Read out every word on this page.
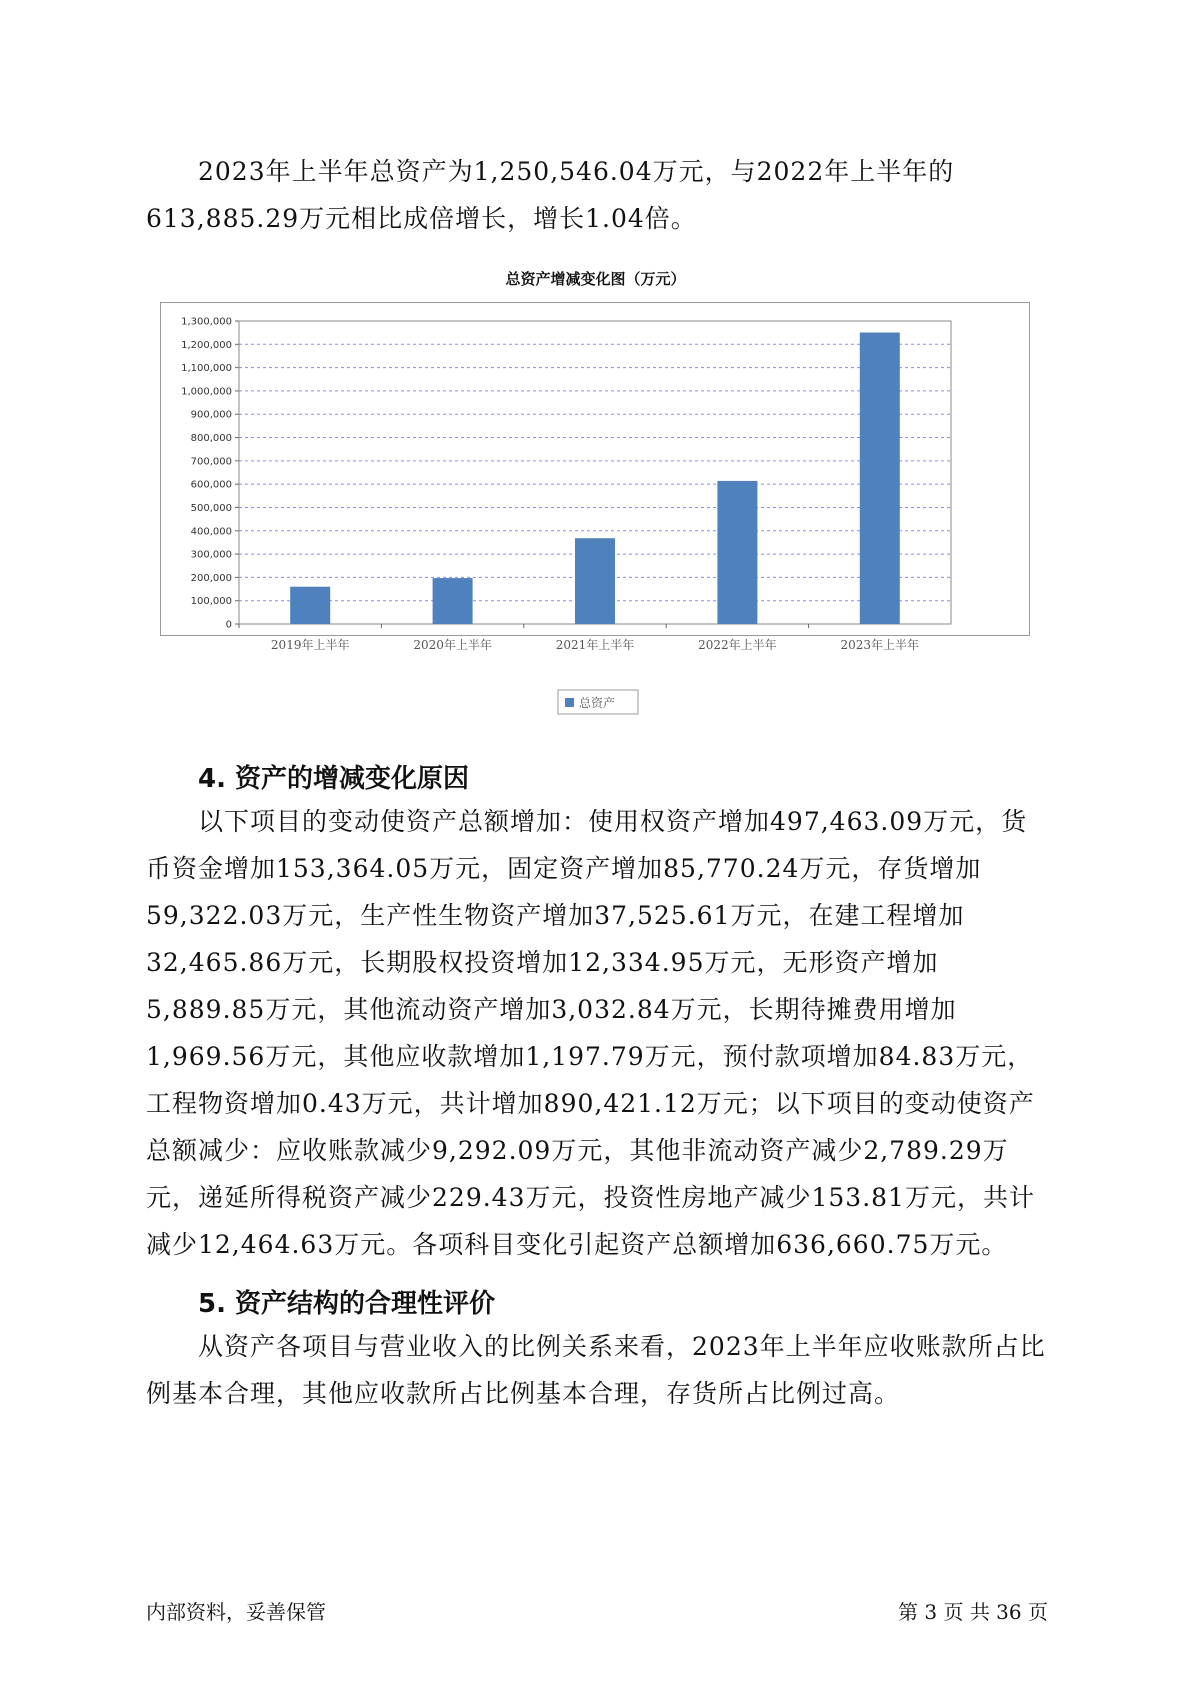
2023年上半年总资产为1,250,546.04万元，与2022年上半年的613,885.29万元相比成倍增长，增长1.04倍。

总资产增减变化图（万元）
0
100,000
200,000
300,000
400,000
500,000
600,000
700,000
800,000
900,000
1,000,000
1,100,000
1,200,000
1,300,000
2019年上半年	2020年上半年	2021年上半年	2022年上半年	2023年上半年
总资产
4. 资产的增减变化原因

以下项目的变动使资产总额增加：使用权资产增加497,463.09万元，货币资金增加153,364.05万元，固定资产增加85,770.24万元，存货增加59,322.03万元，生产性生物资产增加37,525.61万元，在建工程增加32,465.86万元，长期股权投资增加12,334.95万元，无形资产增加5,889.85万元，其他流动资产增加3,032.84万元，长期待摊费用增加1,969.56万元，其他应收款增加1,197.79万元，预付款项增加84.83万元，工程物资增加0.43万元，共计增加890,421.12万元；以下项目的变动使资产总额减少：应收账款减少9,292.09万元，其他非流动资产减少2,789.29万元，递延所得税资产减少229.43万元，投资性房地产减少153.81万元，共计减少12,464.63万元。各项科目变化引起资产总额增加636,660.75万元。

5. 资产结构的合理性评价

从资产各项目与营业收入的比例关系来看，2023年上半年应收账款所占比例基本合理，其他应收款所占比例基本合理，存货所占比例过高。

内部资料，妥善保管	第 3 页 共 36 页
